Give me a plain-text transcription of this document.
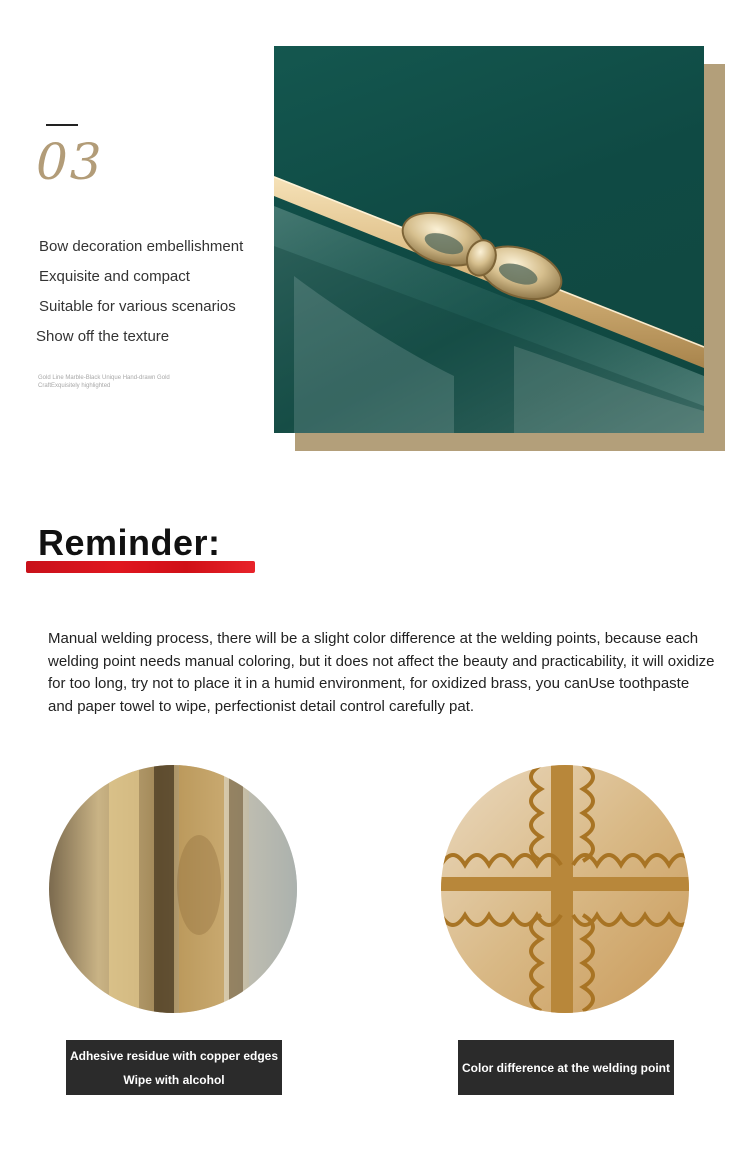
03
Bow decoration embellishment
Exquisite and compact
Suitable for various scenarios
Show off the texture
Gold Line Marble-Black Unique Hand-drawn Gold CraftExquisitely highlighted
Reminder:
Manual welding process, there will be a slight color difference at the welding points, because each welding point needs manual coloring, but it does not affect the beauty and practicability, it will oxidize for too long, try not to place it in a humid environment, for oxidized brass, you canUse toothpaste and paper towel to wipe, perfectionist detail control carefully pat.
Adhesive residue with copper edges
Wipe with alcohol
Color difference at the welding point
